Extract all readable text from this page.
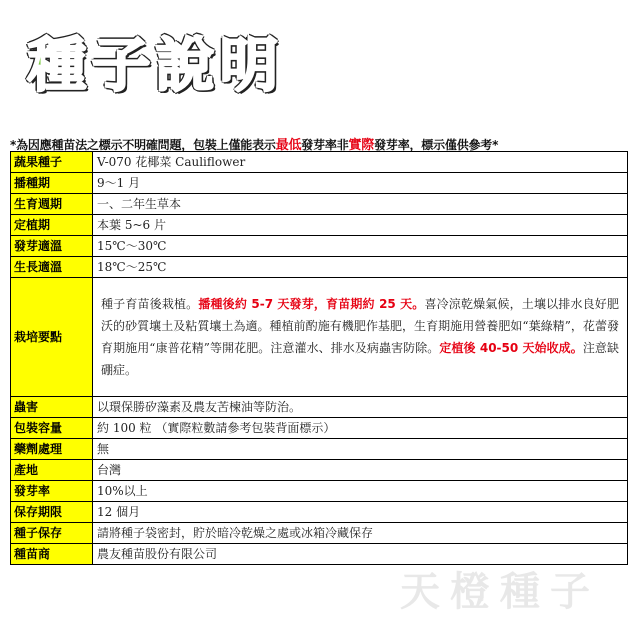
種子說明
*為因應種苗法之標示不明確問題，包裝上僅能表示最低發芽率非實際發芽率，標示僅供參考*
蔬果種子	V-070 花椰菜 Cauliflower
播種期	9～1 月
生育週期	一、二年生草本
定植期	本葉 5~6 片
發芽適溫	15℃～30℃
生長適溫	18℃～25℃
栽培要點	種子育苗後栽植。播種後約 5-7 天發芽，育苗期約 25 天。喜冷涼乾燥氣候，土壤以排水良好肥沃的砂質壤土及粘質壤土為適。種植前酌施有機肥作基肥，生育期施用營養肥如“葉綠精”，花蕾發育期施用“康普花精”等開花肥。注意灌水、排水及病蟲害防除。定植後 40-50 天始收成。注意缺硼症。
蟲害	以環保勝矽藻素及農友苦楝油等防治。
包裝容量	約 100 粒 （實際粒數請參考包裝背面標示）
藥劑處理	無
產地	台灣
發芽率	10%以上
保存期限	12 個月
種子保存	請將種子袋密封，貯於暗冷乾燥之處或冰箱冷藏保存
種苗商	農友種苗股份有限公司
天橙種子
